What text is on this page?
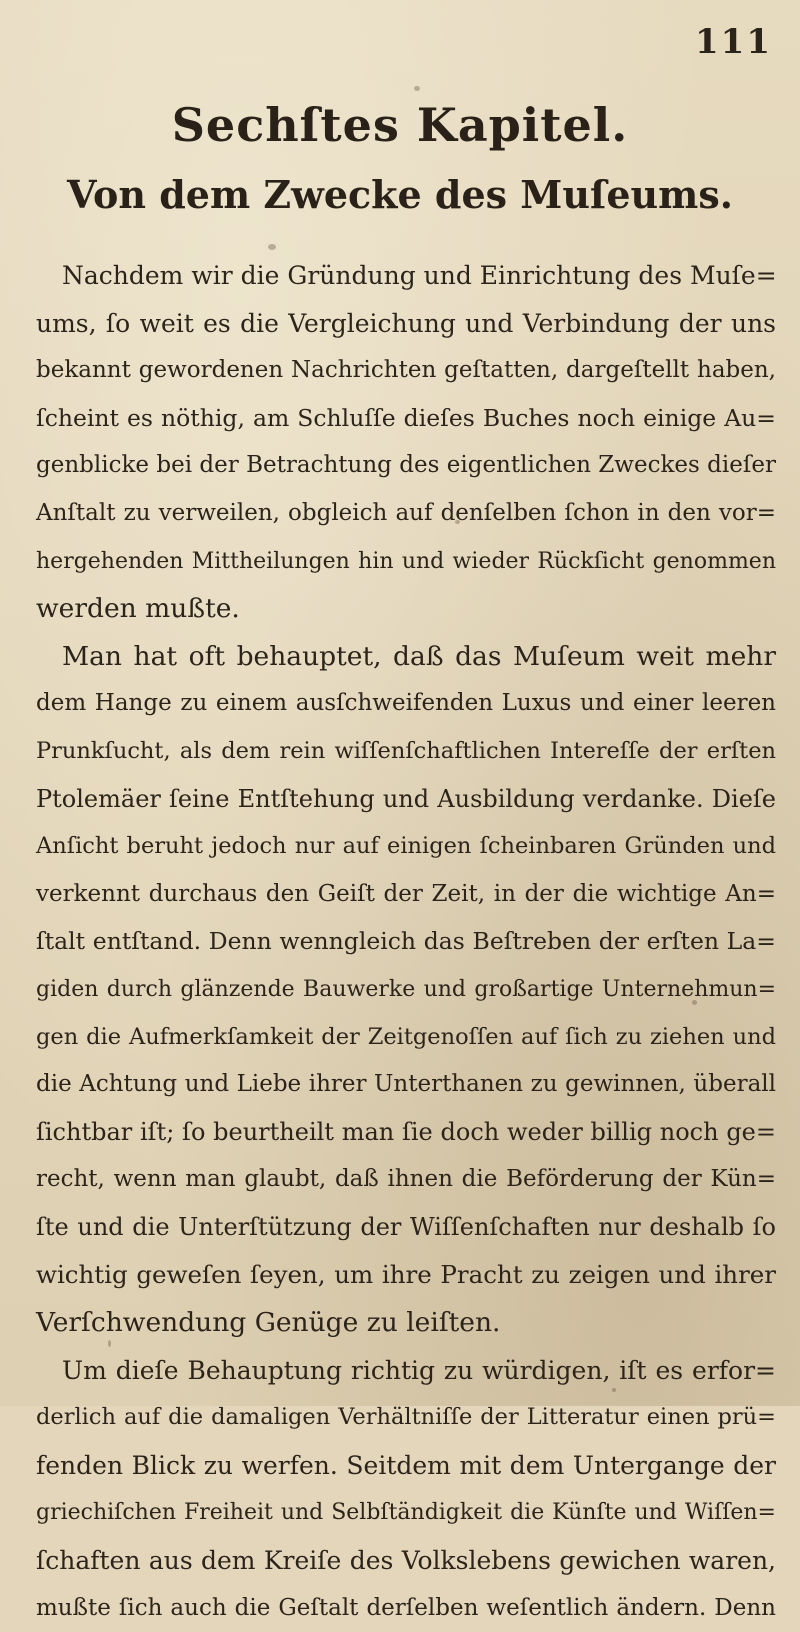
111
Sechſtes Kapitel.
Von dem Zwecke des Muſeums.
Nachdem wir die Gründung und Einrichtung des Muſe=
ums, ſo weit es die Vergleichung und Verbindung der uns
bekannt gewordenen Nachrichten geſtatten, dargeſtellt haben,
ſcheint es nöthig, am Schluſſe dieſes Buches noch einige Au=
genblicke bei der Betrachtung des eigentlichen Zweckes dieſer
Anſtalt zu verweilen, obgleich auf denſelben ſchon in den vor=
hergehenden Mittheilungen hin und wieder Rückſicht genommen
werden mußte.
Man hat oft behauptet, daß das Muſeum weit mehr
dem Hange zu einem ausſchweifenden Luxus und einer leeren
Prunkſucht, als dem rein wiſſenſchaftlichen Intereſſe der erſten
Ptolemäer ſeine Entſtehung und Ausbildung verdanke. Dieſe
Anſicht beruht jedoch nur auf einigen ſcheinbaren Gründen und
verkennt durchaus den Geiſt der Zeit, in der die wichtige An=
ſtalt entſtand. Denn wenngleich das Beſtreben der erſten La=
giden durch glänzende Bauwerke und großartige Unternehmun=
gen die Aufmerkſamkeit der Zeitgenoſſen auf ſich zu ziehen und
die Achtung und Liebe ihrer Unterthanen zu gewinnen, überall
ſichtbar iſt; ſo beurtheilt man ſie doch weder billig noch ge=
recht, wenn man glaubt, daß ihnen die Beförderung der Kün=
ſte und die Unterſtützung der Wiſſenſchaften nur deshalb ſo
wichtig geweſen ſeyen, um ihre Pracht zu zeigen und ihrer
Verſchwendung Genüge zu leiſten.
Um dieſe Behauptung richtig zu würdigen, iſt es erfor=
derlich auf die damaligen Verhältniſſe der Litteratur einen prü=
fenden Blick zu werfen. Seitdem mit dem Untergange der
griechiſchen Freiheit und Selbſtändigkeit die Künſte und Wiſſen=
ſchaften aus dem Kreiſe des Volkslebens gewichen waren,
mußte ſich auch die Geſtalt derſelben weſentlich ändern. Denn
